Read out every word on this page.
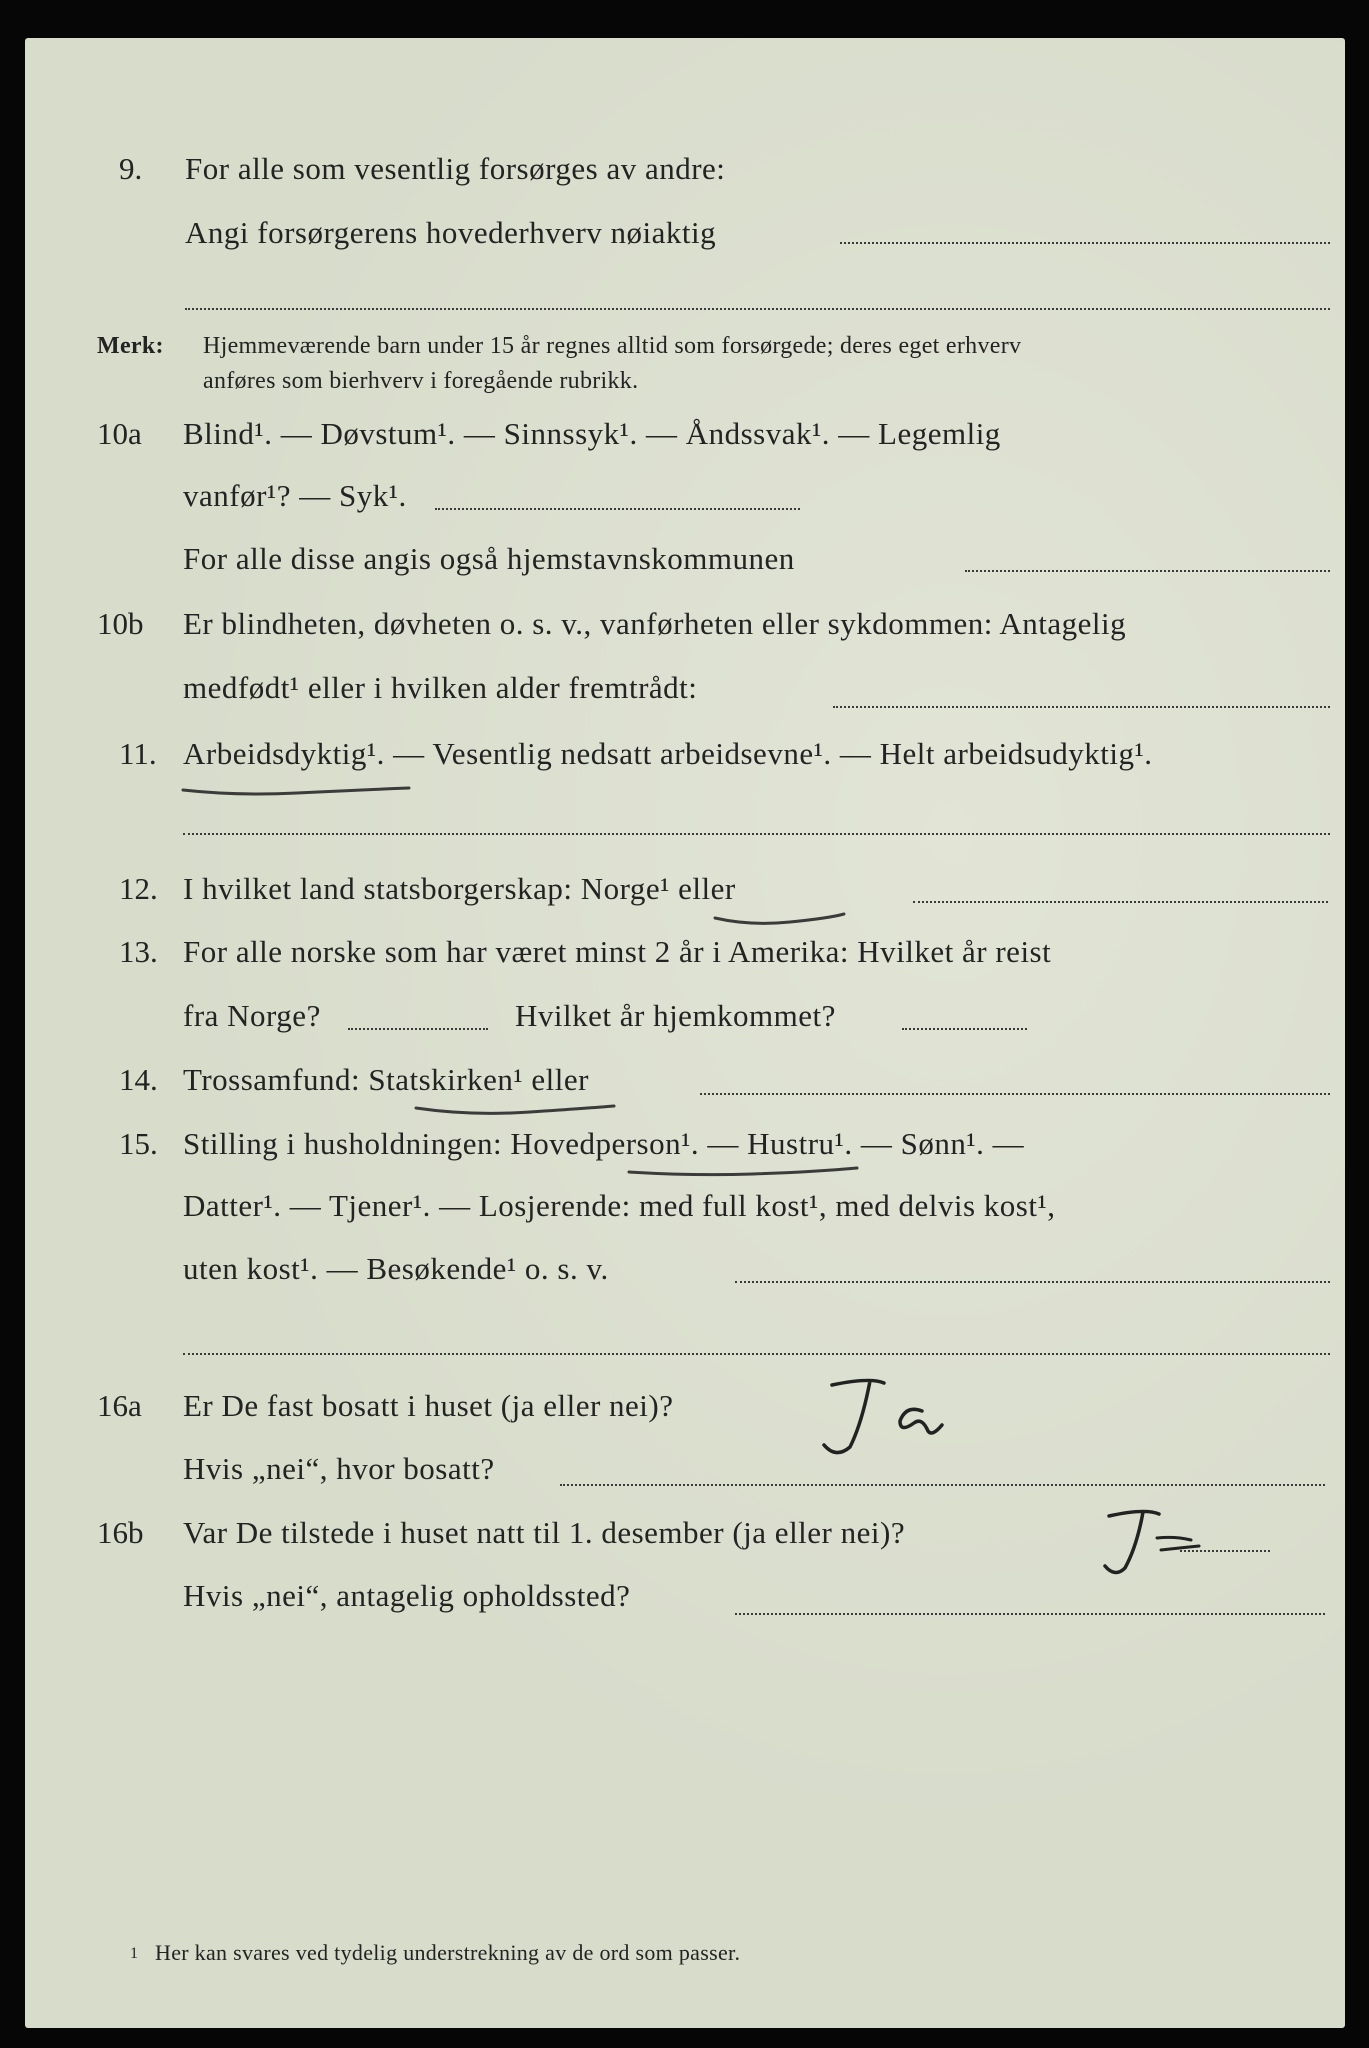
9. For alle som vesentlig forsørges av andre:
Angi forsørgerens hovederhverv nøiaktig
Merk: Hjemmeværende barn under 15 år regnes alltid som forsørgede; deres eget erhverv
anføres som bierhverv i foregående rubrikk.
10a Blind¹. — Døvstum¹. — Sinnssyk¹. — Åndssvak¹. — Legemlig
vanfør¹? — Syk¹.
For alle disse angis også hjemstavnskommunen
10b Er blindheten, døvheten o. s. v., vanførheten eller sykdommen: Antagelig
medfødt¹ eller i hvilken alder fremtrådt:
11. Arbeidsdyktig¹. — Vesentlig nedsatt arbeidsevne¹. — Helt arbeidsudyktig¹.
12. I hvilket land statsborgerskap: Norge¹ eller
13. For alle norske som har været minst 2 år i Amerika: Hvilket år reist
fra Norge?	Hvilket år hjemkommet?
14. Trossamfund: Statskirken¹ eller
15. Stilling i husholdningen: Hovedperson¹. — Hustru¹. — Sønn¹. —
Datter¹. — Tjener¹. — Losjerende: med full kost¹, med delvis kost¹,
uten kost¹. — Besøkende¹ o. s. v.
16a Er De fast bosatt i huset (ja eller nei)?
Hvis „nei“, hvor bosatt?
16b Var De tilstede i huset natt til 1. desember (ja eller nei)?
Hvis „nei“, antagelig opholdssted?
1 Her kan svares ved tydelig understrekning av de ord som passer.
